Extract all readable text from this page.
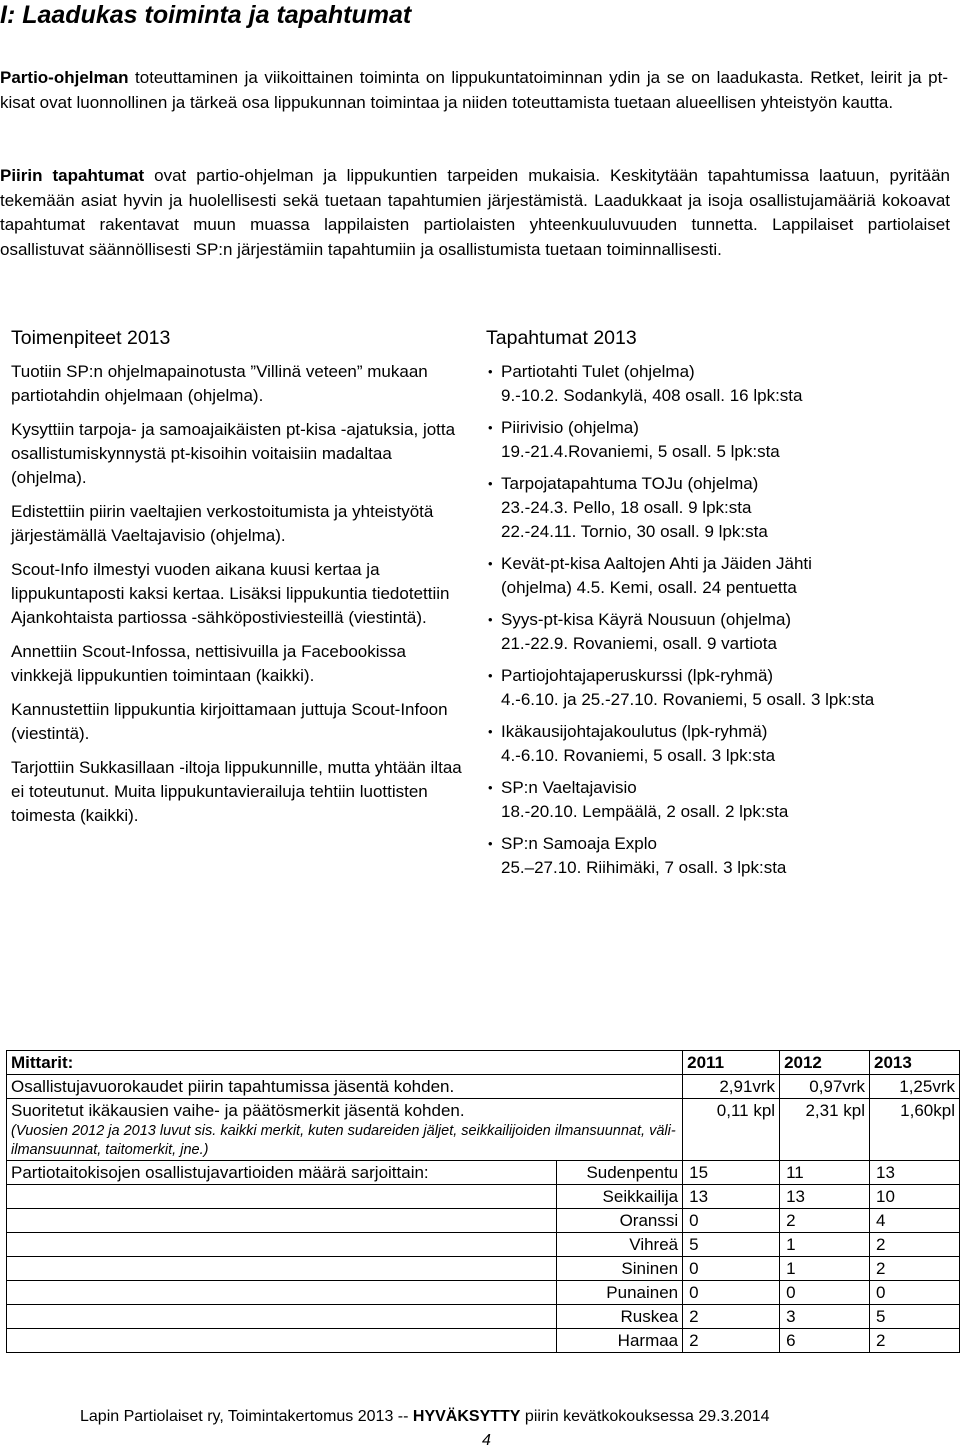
I: Laadukas toiminta ja tapahtumat

Partio-ohjelman toteuttaminen ja viikoittainen toiminta on lippukuntatoiminnan ydin ja se on laadukasta. Retket, leirit ja pt-kisat ovat luonnollinen ja tärkeä osa lippukunnan toimintaa ja niiden toteuttamista tuetaan alueellisen yhteistyön kautta.

Piirin tapahtumat ovat partio-ohjelman ja lippukuntien tarpeiden mukaisia. Keskitytään tapahtumissa laatuun, pyritään tekemään asiat hyvin ja huolellisesti sekä tuetaan tapahtumien järjestämistä. Laadukkaat ja isoja osallistujamääriä kokoavat tapahtumat rakentavat muun muassa lappilaisten partiolaisten yhteenkuuluvuuden tunnetta. Lappilaiset partiolaiset osallistuvat säännöllisesti SP:n järjestämiin tapahtumiin ja osallistumista tuetaan toiminnallisesti.

Toimenpiteet 2013	Tapahtumat 2013

Tuotiin SP:n ohjelmapainotusta ”Villinä veteen” mukaan partiotahdin ohjelmaan (ohjelma).

Kysyttiin tarpoja- ja samoajaikäisten pt-kisa -ajatuksia, jotta osallistumiskynnystä pt-kisoihin voitaisiin madaltaa (ohjelma).

Edistettiin piirin vaeltajien verkostoitumista ja yhteistyötä järjestämällä Vaeltajavisio (ohjelma).

Scout-Info ilmestyi vuoden aikana kuusi kertaa ja lippukuntaposti kaksi kertaa. Lisäksi lippukuntia tiedotettiin Ajankohtaista partiossa -sähköpostiviesteillä (viestintä).

Annettiin Scout-Infossa, nettisivuilla ja Facebookissa vinkkejä lippukuntien toimintaan (kaikki).

Kannustettiin lippukuntia kirjoittamaan juttuja Scout-Infoon (viestintä).

Tarjottiin Sukkasillaan -iltoja lippukunnille, mutta yhtään iltaa ei toteutunut. Muita lippukuntavierailuja tehtiin luottisten toimesta (kaikki).

• Partiotahti Tulet (ohjelma)
9.-10.2. Sodankylä, 408 osall. 16 lpk:sta
• Piirivisio (ohjelma)
19.-21.4.Rovaniemi, 5 osall. 5 lpk:sta
• Tarpojatapahtuma TOJu (ohjelma)
23.-24.3. Pello, 18 osall. 9 lpk:sta
22.-24.11. Tornio, 30 osall. 9 lpk:sta
• Kevät-pt-kisa Aaltojen Ahti ja Jäiden Jähti
(ohjelma) 4.5. Kemi, osall. 24 pentuetta
• Syys-pt-kisa Käyrä Nousuun (ohjelma)
21.-22.9. Rovaniemi, osall. 9 vartiota
• Partiojohtajaperuskurssi (lpk-ryhmä)
4.-6.10. ja 25.-27.10. Rovaniemi, 5 osall. 3 lpk:sta
• Ikäkausijohtajakoulutus (lpk-ryhmä)
4.-6.10. Rovaniemi, 5 osall. 3 lpk:sta
• SP:n Vaeltajavisio
18.-20.10. Lempäälä, 2 osall. 2 lpk:sta
• SP:n Samoaja Explo
25.‒27.10. Riihimäki, 7 osall. 3 lpk:sta
Mittarit:		2011	2012	2013
Osallistujavuorokaudet piirin tapahtumissa jäsentä kohden.		2,91vrk	0,97vrk	1,25vrk
Suoritetut ikäkausien vaihe- ja päätösmerkit jäsentä kohden.
(Vuosien 2012 ja 2013 luvut sis. kaikki merkit, kuten sudareiden jäljet, seikkailijoiden ilmansuunnat, väli-ilmansuunnat, taitomerkit, jne.)		0,11 kpl	2,31 kpl	1,60kpl
Partiotaitokisojen osallistujavartioiden määrä sarjoittain:	Sudenpentu	15	11	13
	Seikkailija	13	13	10
	Oranssi	0	2	4
	Vihreä	5	1	2
	Sininen	0	1	2
	Punainen	0	0	0
	Ruskea	2	3	5
	Harmaa	2	6	2
Lapin Partiolaiset ry, Toimintakertomus 2013 -- HYVÄKSYTTY piirin kevätkokouksessa 29.3.2014
4
